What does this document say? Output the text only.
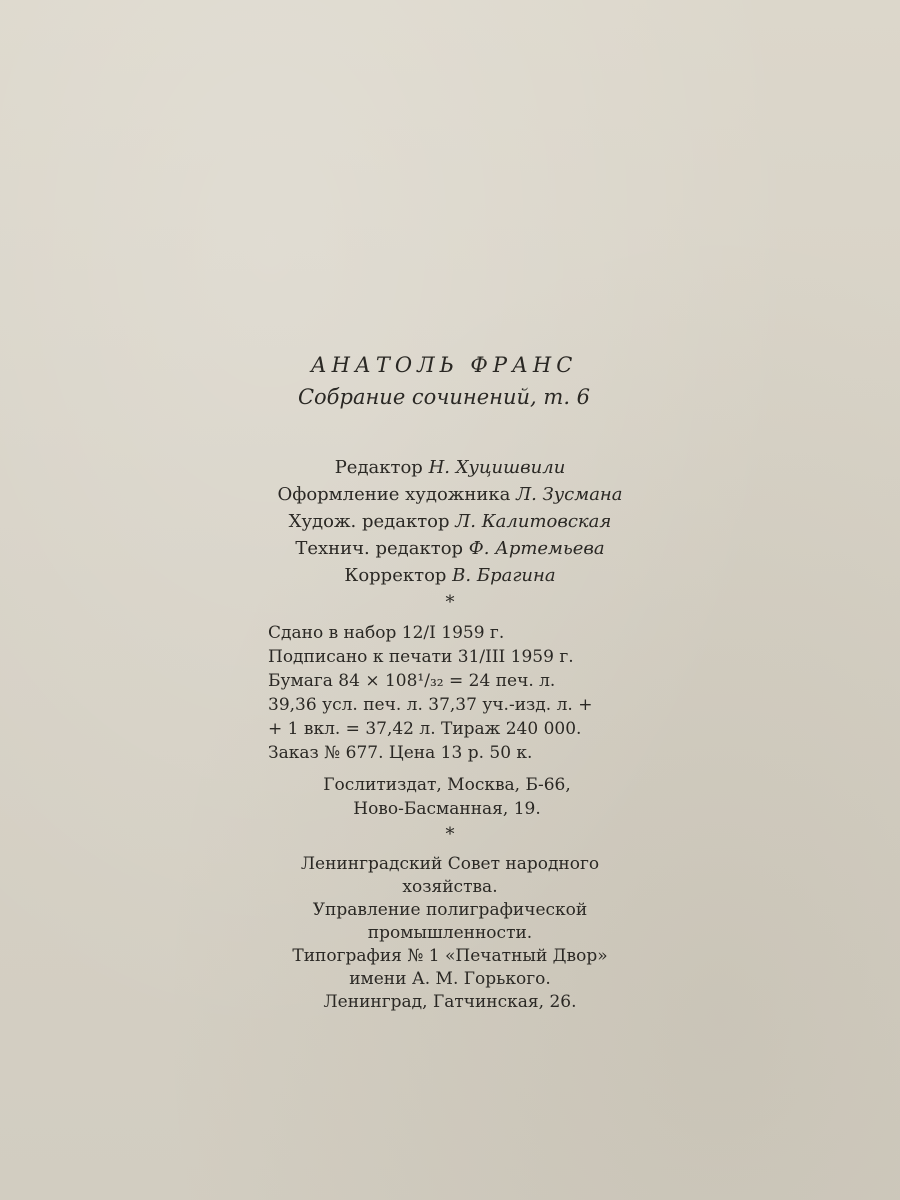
АНАТОЛЬ ФРАНС
Собрание сочинений, т. 6
Редактор Н. Хуцишвили
Оформление художника Л. Зусмана
Худож. редактор Л. Калитовская
Технич. редактор Ф. Артемьева
Корректор В. Брагина
*
Сдано в набор 12/I 1959 г.
Подписано к печати 31/III 1959 г.
Бумага 84 × 108¹/₃₂ = 24 печ. л.
39,36 усл. печ. л. 37,37 уч.-изд. л. +
+ 1 вкл. = 37,42 л. Тираж 240 000.
Заказ № 677. Цена 13 р. 50 к.
Гослитиздат, Москва, Б-66,
Ново-Басманная, 19.
*
Ленинградский Совет народного
хозяйства.
Управление полиграфической
промышленности.
Типография № 1 «Печатный Двор»
имени А. М. Горького.
Ленинград, Гатчинская, 26.
